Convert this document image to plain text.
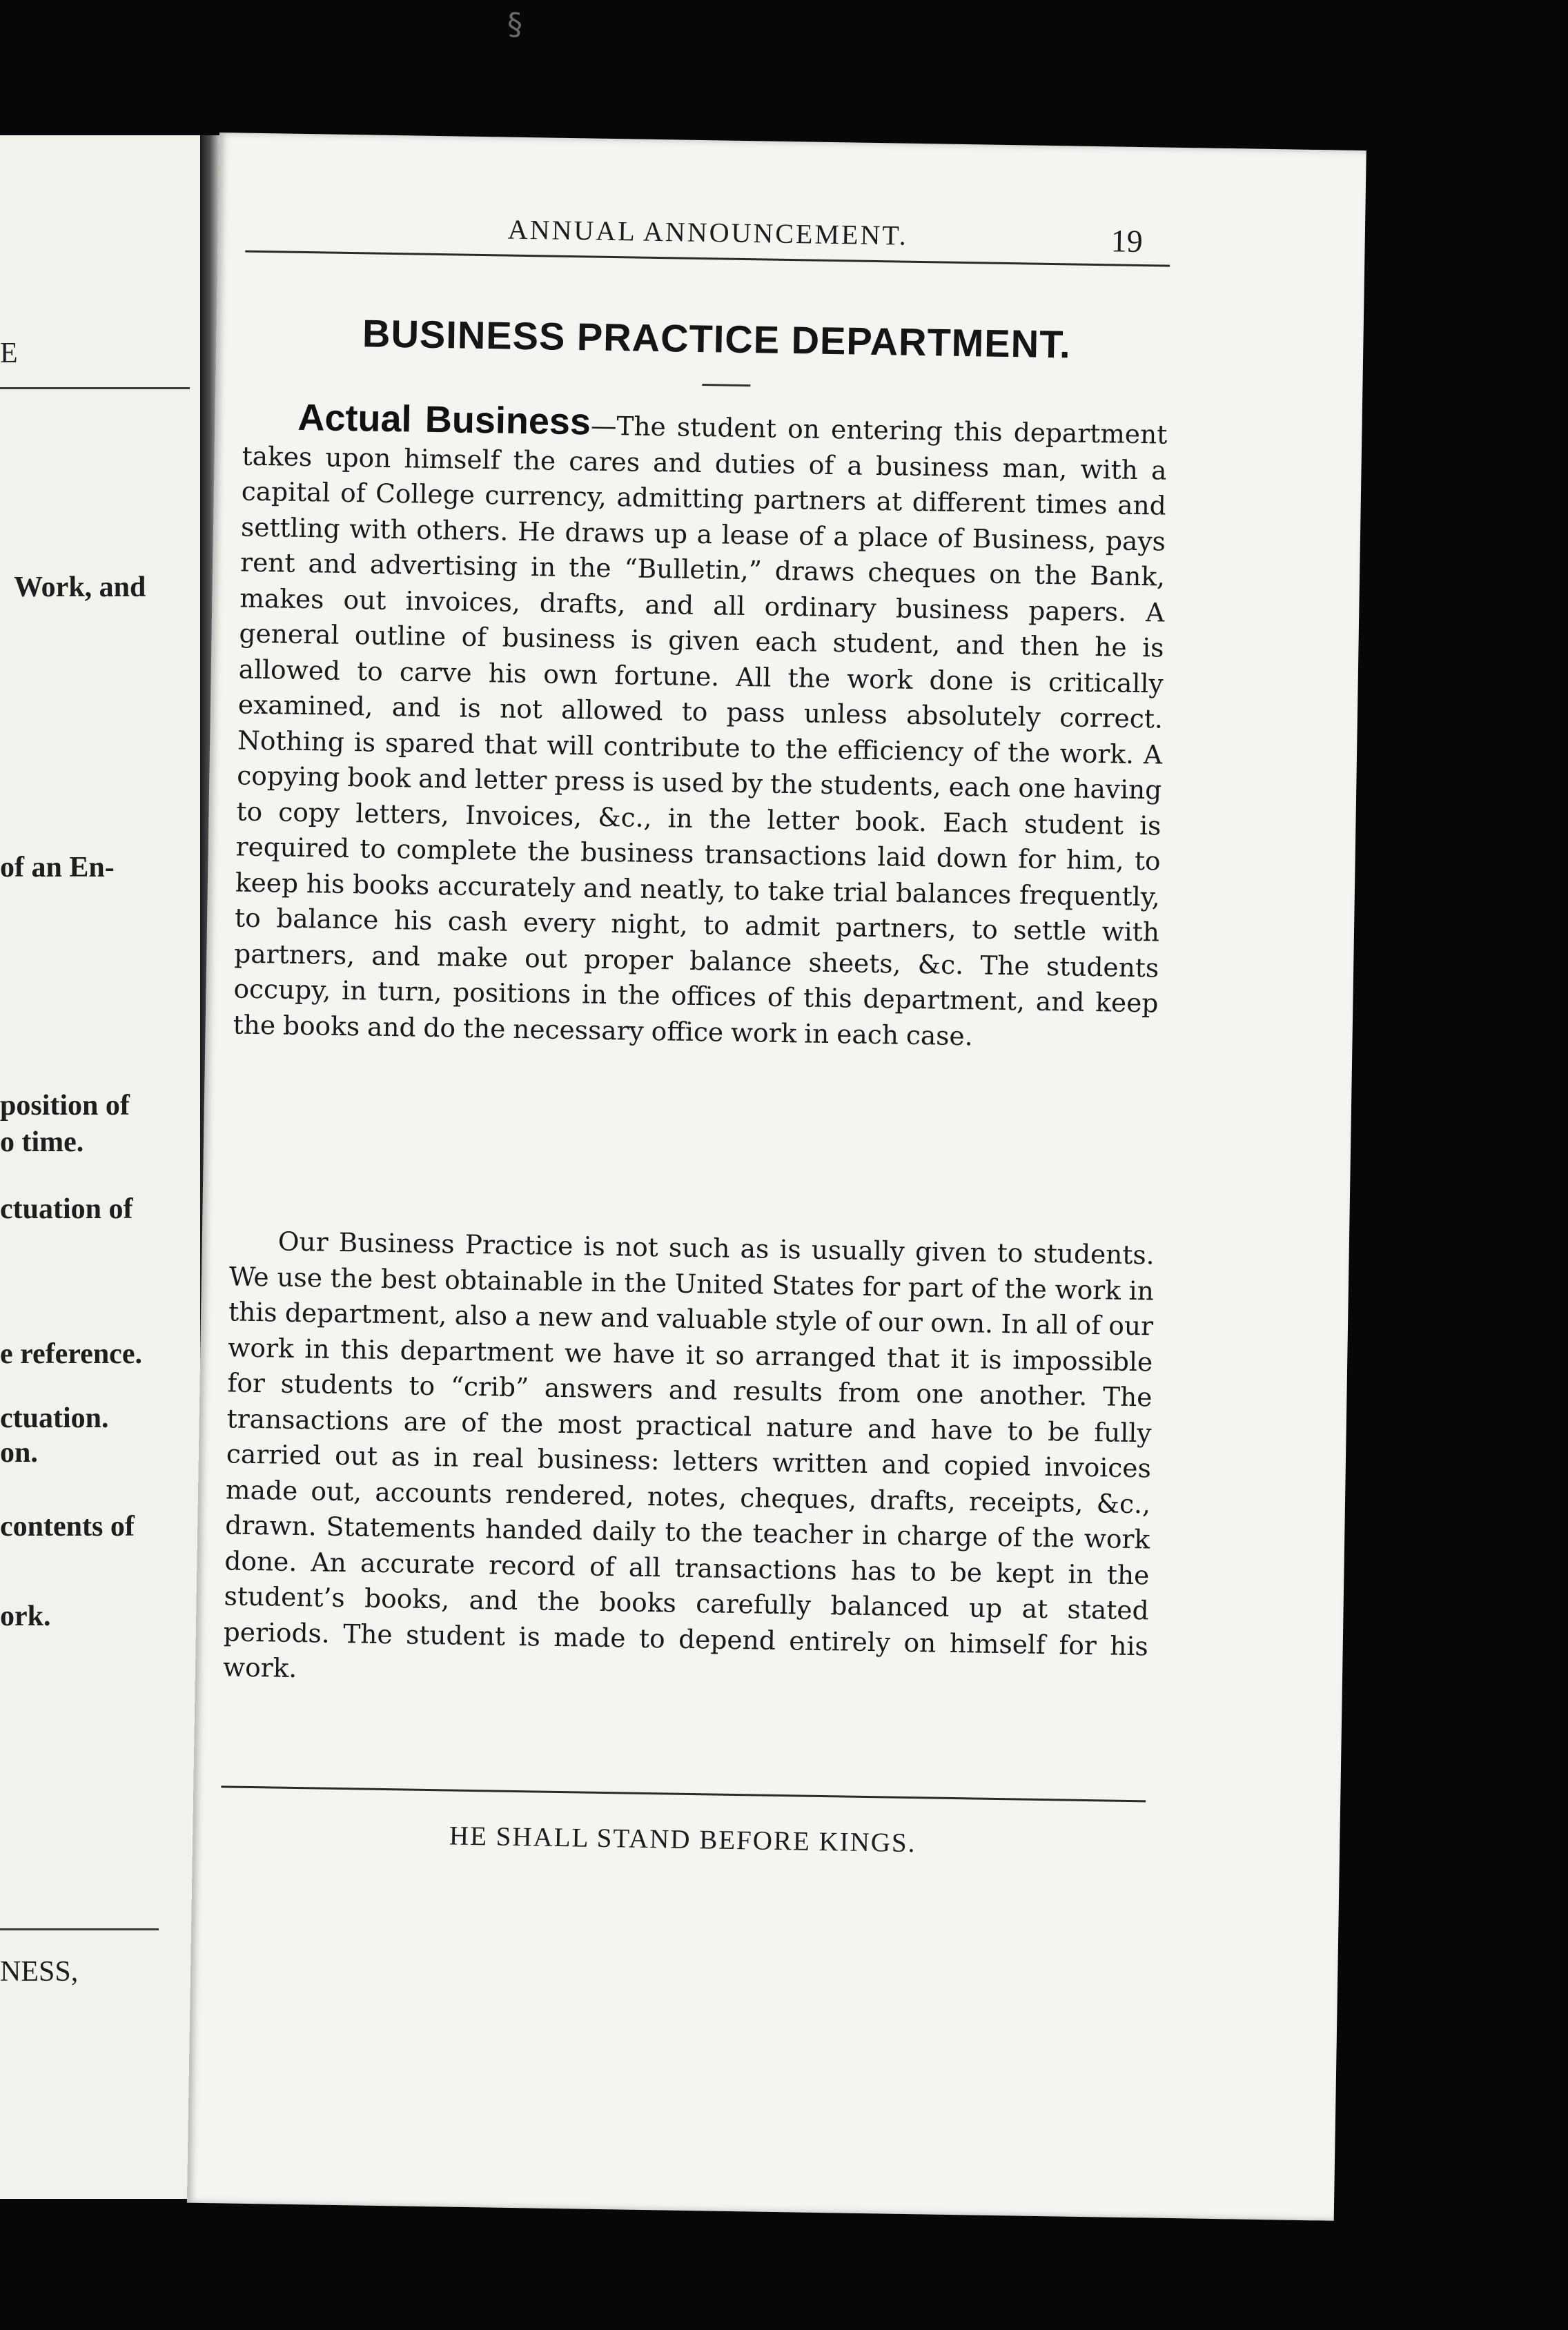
§
E
Work, and
of an En-
position of
o time.
ctuation of
e reference.
ctuation.
on.
contents of
ork.
NESS,
ANNUAL ANNOUNCEMENT.	19
BUSINESS PRACTICE DEPARTMENT.
Actual Business—The student on entering this department takes upon himself the cares and duties of a business man, with a capital of College currency, admitting partners at different times and settling with others. He draws up a lease of a place of Business, pays rent and advertising in the “Bulletin,” draws cheques on the Bank, makes out invoices, drafts, and all ordinary business papers. A general outline of business is given each student, and then he is allowed to carve his own fortune. All the work done is critically examined, and is not allowed to pass unless absolutely correct. Nothing is spared that will contribute to the efficiency of the work. A copying book and letter press is used by the students, each one having to copy letters, Invoices, &c., in the letter book. Each student is required to complete the business transactions laid down for him, to keep his books accurately and neatly, to take trial balances frequently, to balance his cash every night, to admit partners, to settle with partners, and make out proper balance sheets, &c. The students occupy, in turn, positions in the offices of this department, and keep the books and do the necessary office work in each case.
Our Business Practice is not such as is usually given to students. We use the best obtainable in the United States for part of the work in this department, also a new and valuable style of our own. In all of our work in this department we have it so arranged that it is impossible for students to “crib” answers and results from one another. The transactions are of the most practical nature and have to be fully carried out as in real business: letters written and copied invoices made out, accounts rendered, notes, cheques, drafts, receipts, &c., drawn. Statements handed daily to the teacher in charge of the work done. An accurate record of all transactions has to be kept in the student’s books, and the books carefully balanced up at stated periods. The student is made to depend entirely on himself for his work.
HE SHALL STAND BEFORE KINGS.
